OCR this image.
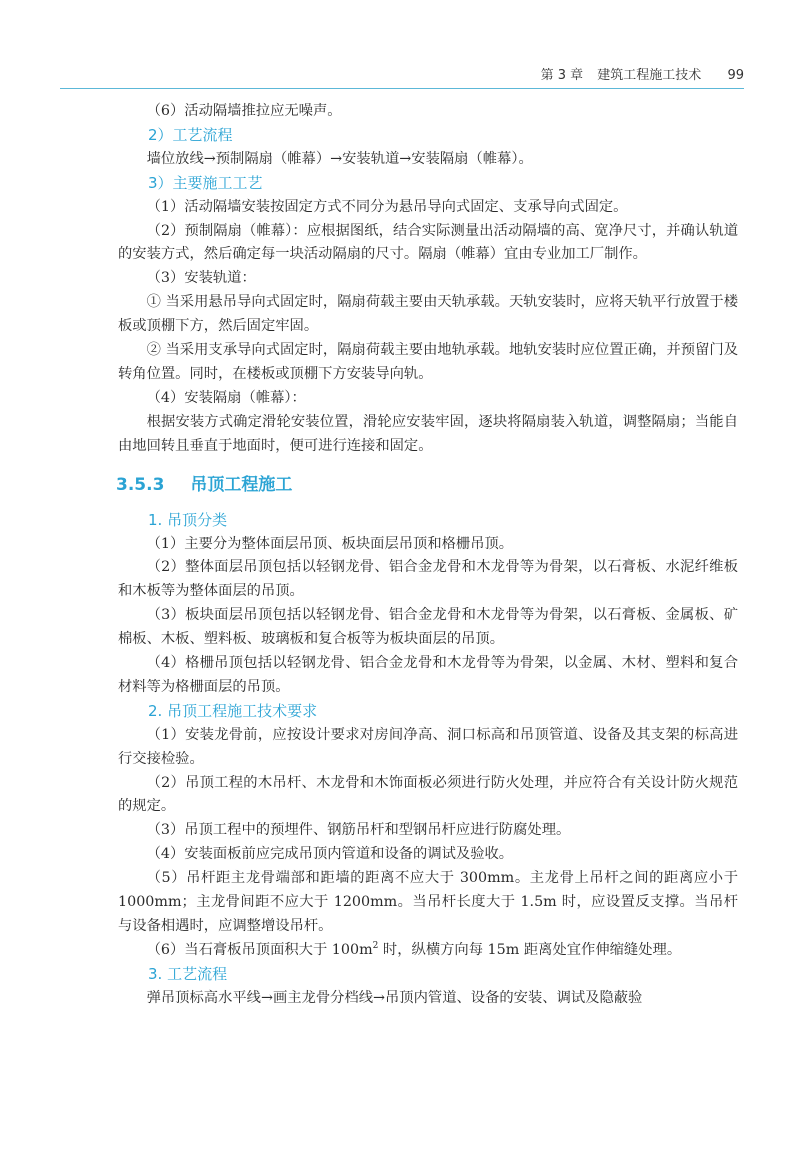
第 3 章 建筑工程施工技术 99

（6）活动隔墙推拉应无噪声。

2）工艺流程

墙位放线→预制隔扇（帷幕）→安装轨道→安装隔扇（帷幕）。

3）主要施工工艺

（1）活动隔墙安装按固定方式不同分为悬吊导向式固定、支承导向式固定。

（2）预制隔扇（帷幕）：应根据图纸，结合实际测量出活动隔墙的高、宽净尺寸，并确认轨道的安装方式，然后确定每一块活动隔扇的尺寸。隔扇（帷幕）宜由专业加工厂制作。

（3）安装轨道：

① 当采用悬吊导向式固定时，隔扇荷载主要由天轨承载。天轨安装时，应将天轨平行放置于楼板或顶棚下方，然后固定牢固。

② 当采用支承导向式固定时，隔扇荷载主要由地轨承载。地轨安装时应位置正确，并预留门及转角位置。同时，在楼板或顶棚下方安装导向轨。

（4）安装隔扇（帷幕）：

根据安装方式确定滑轮安装位置，滑轮应安装牢固，逐块将隔扇装入轨道，调整隔扇；当能自由地回转且垂直于地面时，便可进行连接和固定。

3.5.3 吊顶工程施工

1. 吊顶分类

（1）主要分为整体面层吊顶、板块面层吊顶和格栅吊顶。

（2）整体面层吊顶包括以轻钢龙骨、铝合金龙骨和木龙骨等为骨架，以石膏板、水泥纤维板和木板等为整体面层的吊顶。

（3）板块面层吊顶包括以轻钢龙骨、铝合金龙骨和木龙骨等为骨架，以石膏板、金属板、矿棉板、木板、塑料板、玻璃板和复合板等为板块面层的吊顶。

（4）格栅吊顶包括以轻钢龙骨、铝合金龙骨和木龙骨等为骨架，以金属、木材、塑料和复合材料等为格栅面层的吊顶。

2. 吊顶工程施工技术要求

（1）安装龙骨前，应按设计要求对房间净高、洞口标高和吊顶管道、设备及其支架的标高进行交接检验。

（2）吊顶工程的木吊杆、木龙骨和木饰面板必须进行防火处理，并应符合有关设计防火规范的规定。

（3）吊顶工程中的预埋件、钢筋吊杆和型钢吊杆应进行防腐处理。

（4）安装面板前应完成吊顶内管道和设备的调试及验收。

（5）吊杆距主龙骨端部和距墙的距离不应大于 300mm。主龙骨上吊杆之间的距离应小于 1000mm；主龙骨间距不应大于 1200mm。当吊杆长度大于 1.5m 时，应设置反支撑。当吊杆与设备相遇时，应调整增设吊杆。

（6）当石膏板吊顶面积大于 $100m^2$ 时，纵横方向每 15m 距离处宜作伸缩缝处理。

3. 工艺流程

弹吊顶标高水平线→画主龙骨分档线→吊顶内管道、设备的安装、调试及隐蔽验
